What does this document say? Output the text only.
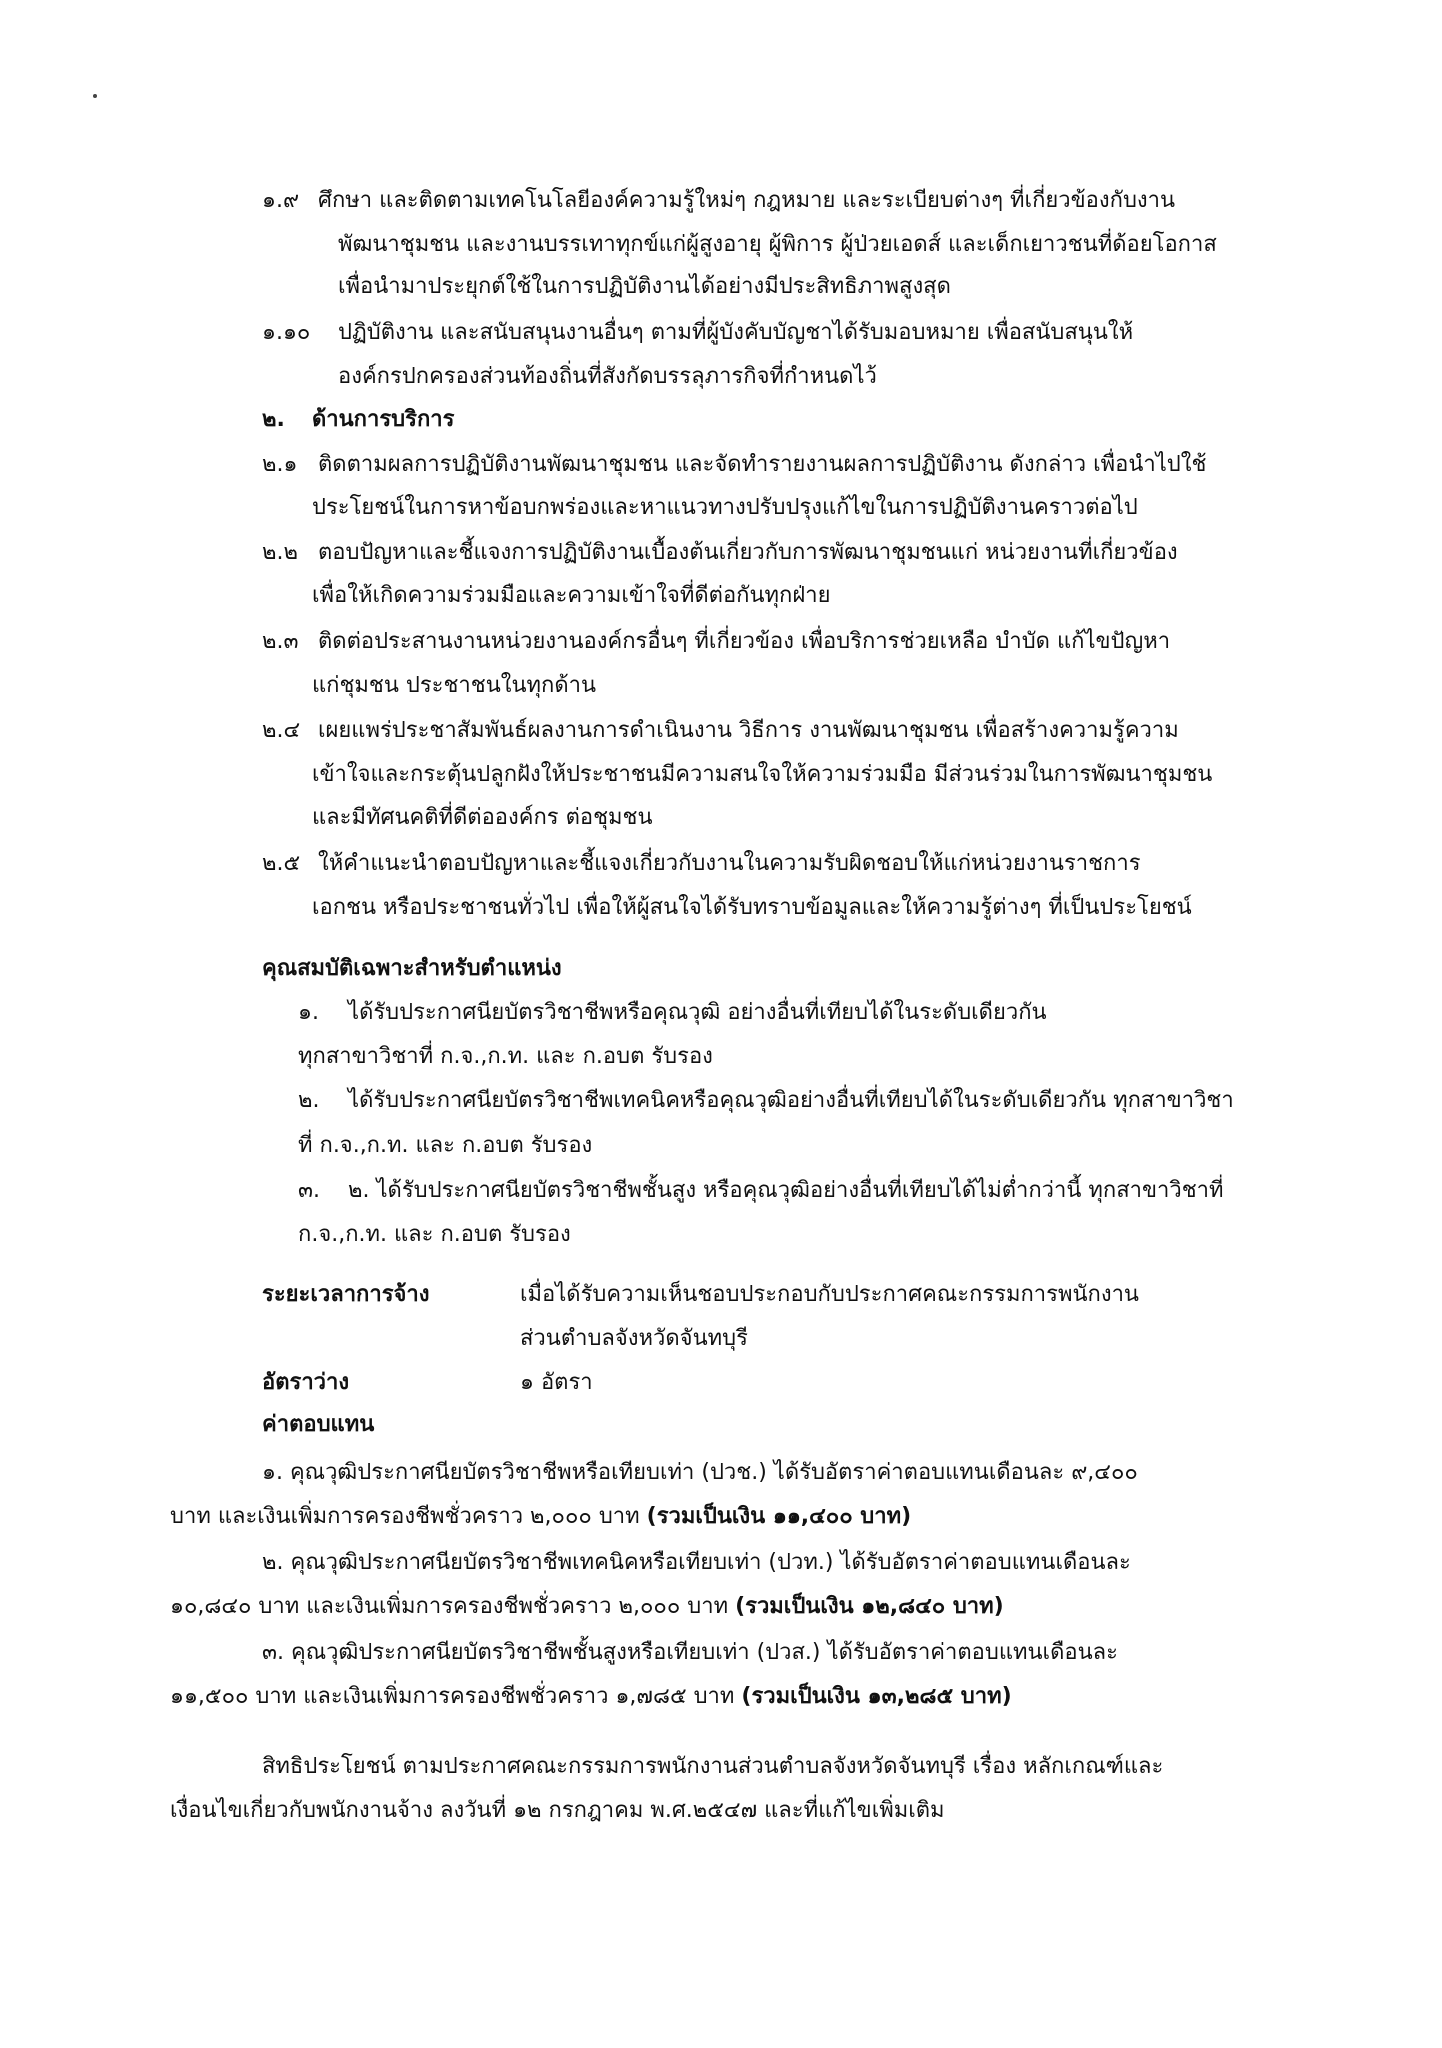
๑.๙ ศึกษา และติดตามเทคโนโลยีองค์ความรู้ใหม่ๆ กฎหมาย และระเบียบต่างๆ ที่เกี่ยวข้องกับงาน
พัฒนาชุมชน และงานบรรเทาทุกข์แก่ผู้สูงอายุ ผู้พิการ ผู้ป่วยเอดส์ และเด็กเยาวชนที่ด้อยโอกาส
เพื่อนำมาประยุกต์ใช้ในการปฏิบัติงานได้อย่างมีประสิทธิภาพสูงสุด
๑.๑๐ ปฏิบัติงาน และสนับสนุนงานอื่นๆ ตามที่ผู้บังคับบัญชาได้รับมอบหมาย เพื่อสนับสนุนให้
องค์กรปกครองส่วนท้องถิ่นที่สังกัดบรรลุภารกิจที่กำหนดไว้
๒. ด้านการบริการ
๒.๑ ติดตามผลการปฏิบัติงานพัฒนาชุมชน และจัดทำรายงานผลการปฏิบัติงาน ดังกล่าว เพื่อนำไปใช้
ประโยชน์ในการหาข้อบกพร่องและหาแนวทางปรับปรุงแก้ไขในการปฏิบัติงานคราวต่อไป
๒.๒ ตอบปัญหาและชี้แจงการปฏิบัติงานเบื้องต้นเกี่ยวกับการพัฒนาชุมชนแก่ หน่วยงานที่เกี่ยวข้อง
เพื่อให้เกิดความร่วมมือและความเข้าใจที่ดีต่อกันทุกฝ่าย
๒.๓ ติดต่อประสานงานหน่วยงานองค์กรอื่นๆ ที่เกี่ยวข้อง เพื่อบริการช่วยเหลือ บำบัด แก้ไขปัญหา
แก่ชุมชน ประชาชนในทุกด้าน
๒.๔ เผยแพร่ประชาสัมพันธ์ผลงานการดำเนินงาน วิธีการ งานพัฒนาชุมชน เพื่อสร้างความรู้ความ
เข้าใจและกระตุ้นปลูกฝังให้ประชาชนมีความสนใจให้ความร่วมมือ มีส่วนร่วมในการพัฒนาชุมชน
และมีทัศนคติที่ดีต่อองค์กร ต่อชุมชน
๒.๕ ให้คำแนะนำตอบปัญหาและชี้แจงเกี่ยวกับงานในความรับผิดชอบให้แก่หน่วยงานราชการ
เอกชน หรือประชาชนทั่วไป เพื่อให้ผู้สนใจได้รับทราบข้อมูลและให้ความรู้ต่างๆ ที่เป็นประโยชน์
คุณสมบัติเฉพาะสำหรับตำแหน่ง
๑. ได้รับประกาศนียบัตรวิชาชีพหรือคุณวุฒิ อย่างอื่นที่เทียบได้ในระดับเดียวกัน
ทุกสาขาวิชาที่ ก.จ.,ก.ท. และ ก.อบต รับรอง
๒. ได้รับประกาศนียบัตรวิชาชีพเทคนิคหรือคุณวุฒิอย่างอื่นที่เทียบได้ในระดับเดียวกัน ทุกสาขาวิชา
ที่ ก.จ.,ก.ท. และ ก.อบต รับรอง
๓. ๒. ได้รับประกาศนียบัตรวิชาชีพชั้นสูง หรือคุณวุฒิอย่างอื่นที่เทียบได้ไม่ต่ำกว่านี้ ทุกสาขาวิชาที่
ก.จ.,ก.ท. และ ก.อบต รับรอง
ระยะเวลาการจ้าง	เมื่อได้รับความเห็นชอบประกอบกับประกาศคณะกรรมการพนักงาน
ส่วนตำบลจังหวัดจันทบุรี
อัตราว่าง	๑ อัตรา
ค่าตอบแทน
๑. คุณวุฒิประกาศนียบัตรวิชาชีพหรือเทียบเท่า (ปวช.) ได้รับอัตราค่าตอบแทนเดือนละ ๙,๔๐๐
บาท และเงินเพิ่มการครองชีพชั่วคราว ๒,๐๐๐ บาท (รวมเป็นเงิน ๑๑,๔๐๐ บาท)
๒. คุณวุฒิประกาศนียบัตรวิชาชีพเทคนิคหรือเทียบเท่า (ปวท.) ได้รับอัตราค่าตอบแทนเดือนละ
๑๐,๘๔๐ บาท และเงินเพิ่มการครองชีพชั่วคราว ๒,๐๐๐ บาท (รวมเป็นเงิน ๑๒,๘๔๐ บาท)
๓. คุณวุฒิประกาศนียบัตรวิชาชีพชั้นสูงหรือเทียบเท่า (ปวส.) ได้รับอัตราค่าตอบแทนเดือนละ
๑๑,๕๐๐ บาท และเงินเพิ่มการครองชีพชั่วคราว ๑,๗๘๕ บาท (รวมเป็นเงิน ๑๓,๒๘๕ บาท)
สิทธิประโยชน์ ตามประกาศคณะกรรมการพนักงานส่วนตำบลจังหวัดจันทบุรี เรื่อง หลักเกณฑ์และ
เงื่อนไขเกี่ยวกับพนักงานจ้าง ลงวันที่ ๑๒ กรกฎาคม พ.ศ.๒๕๔๗ และที่แก้ไขเพิ่มเติม
